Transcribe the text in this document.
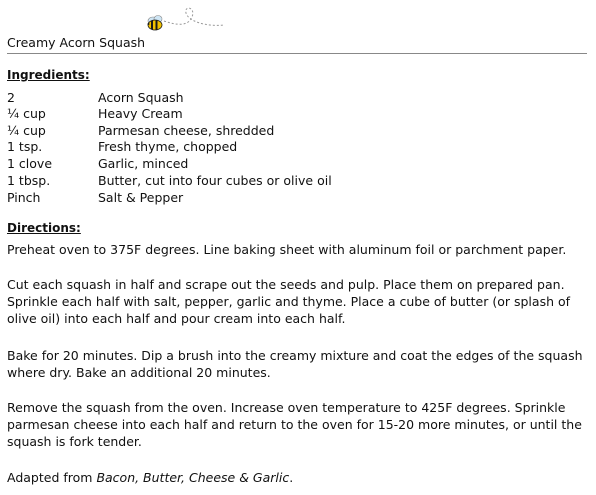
Creamy Acorn Squash
Ingredients:
2	Acorn Squash
¼ cup	Heavy Cream
¼ cup	Parmesan cheese, shredded
1 tsp.	Fresh thyme, chopped
1 clove	Garlic, minced
1 tbsp.	Butter, cut into four cubes or olive oil
Pinch	Salt & Pepper
Directions:

Preheat oven to 375F degrees. Line baking sheet with aluminum foil or parchment paper.

Cut each squash in half and scrape out the seeds and pulp. Place them on prepared pan. Sprinkle each half with salt, pepper, garlic and thyme. Place a cube of butter (or splash of olive oil) into each half and pour cream into each half.

Bake for 20 minutes. Dip a brush into the creamy mixture and coat the edges of the squash where dry. Bake an additional 20 minutes.

Remove the squash from the oven. Increase oven temperature to 425F degrees. Sprinkle parmesan cheese into each half and return to the oven for 15-20 more minutes, or until the squash is fork tender.

Adapted from Bacon, Butter, Cheese & Garlic.
